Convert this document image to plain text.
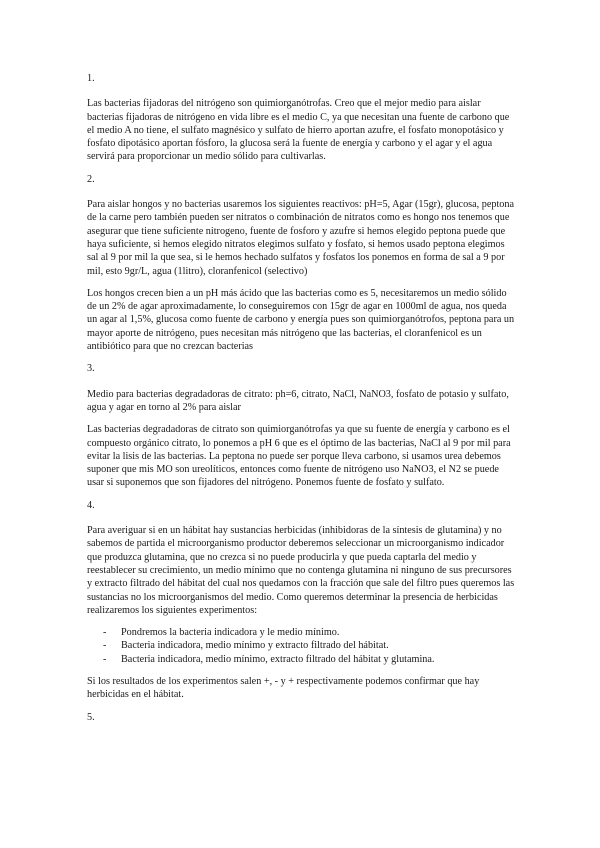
1.

Las bacterias fijadoras del nitrógeno son quimiorganótrofas. Creo que el mejor medio para aislar bacterias fijadoras de nitrógeno en vida libre es el medio C, ya que necesitan una fuente de carbono que el medio A no tiene, el sulfato magnésico y sulfato de hierro aportan azufre, el fosfato monopotásico y fosfato dipotásico aportan fósforo, la glucosa será la fuente de energía y carbono y el agar y el agua servirá para proporcionar un medio sólido para cultivarlas.

2.

Para aislar hongos y no bacterias usaremos los siguientes reactivos: pH=5, Agar (15gr), glucosa, peptona de la carne pero también pueden ser nitratos o combinación de nitratos como es hongo nos tenemos que asegurar que tiene suficiente nitrogeno, fuente de fosforo y azufre si hemos elegido peptona puede que haya suficiente, si hemos elegido nitratos elegimos sulfato y fosfato, si hemos usado peptona elegimos sal al 9 por mil la que sea, si le hemos hechado sulfatos y fosfatos los ponemos en forma de sal a 9 por mil, esto 9gr/L, agua (1litro), cloranfenicol (selectivo)

Los hongos crecen bien a un pH más ácido que las bacterias como es 5, necesitaremos un medio sólido de un 2% de agar aproximadamente, lo conseguiremos con 15gr de agar en 1000ml de agua, nos queda un agar al 1,5%, glucosa como fuente de carbono y energía pues son quimiorganótrofos, peptona para un mayor aporte de nitrógeno, pues necesitan más nitrógeno que las bacterias, el cloranfenicol es un antibiótico para que no crezcan bacterias

3.

Medio para bacterias degradadoras de citrato: ph=6, citrato, NaCl, NaNO3, fosfato de potasio y sulfato, agua y agar en torno al 2% para aislar

Las bacterias degradadoras de citrato son quimiorganótrofas ya que su fuente de energía y carbono es el compuesto orgánico citrato, lo ponemos a pH 6 que es el óptimo de las bacterias, NaCl al 9 por mil para evitar la lisis de las bacterias. La peptona no puede ser porque lleva carbono, si usamos urea debemos suponer que mis MO son ureolíticos, entonces como fuente de nitrógeno uso NaNO3, el N2 se puede usar si suponemos que son fijadores del nitrógeno. Ponemos fuente de fosfato y sulfato.

4.

Para averiguar si en un hábitat hay sustancias herbicidas (inhibidoras de la síntesis de glutamina) y no sabemos de partida el microorganismo productor deberemos seleccionar un microorganismo indicador que produzca glutamina, que no crezca si no puede producirla y que pueda captarla del medio y reestablecer su crecimiento, un medio mínimo que no contenga glutamina ni ninguno de sus precursores y extracto filtrado del hábitat del cual nos quedamos con la fracción que sale del filtro pues queremos las sustancias no los microorganismos del medio. Como queremos determinar la presencia de herbicidas realizaremos los siguientes experimentos:

- Pondremos la bacteria indicadora y le medio mínimo.
- Bacteria indicadora, medio mínimo y extracto filtrado del hábitat.
- Bacteria indicadora, medio mínimo, extracto filtrado del hábitat y glutamina.

Si los resultados de los experimentos salen +, - y + respectivamente podemos confirmar que hay herbicidas en el hábitat.

5.
